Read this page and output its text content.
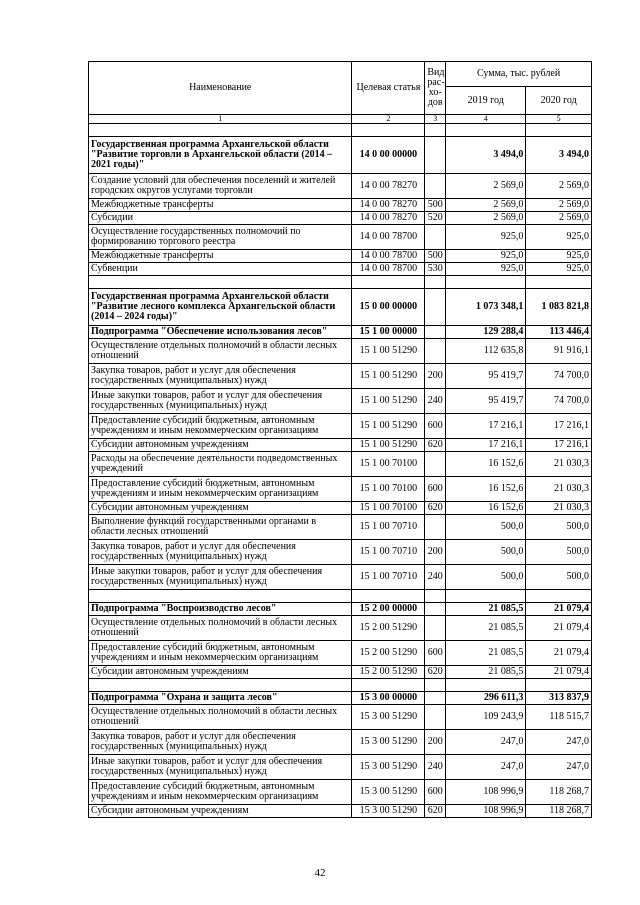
Наименование	Целевая статья	Вид
рас-
хо-
дов	Сумма, тыс. рублей	
			2019 год	2020 год
1	2	3	4	5

Государственная программа Архангельской области "Развитие торговли в Архангельской области (2014 – 2021 годы)"	14 0 00 00000		3 494,0	3 494,0
Создание условий для обеспечения поселений и жителей городских округов услугами торговли	14 0 00 78270		2 569,0	2 569,0
Межбюджетные трансферты	14 0 00 78270	500	2 569,0	2 569,0
Субсидии	14 0 00 78270	520	2 569,0	2 569,0
Осуществление государственных полномочий по формированию торгового реестра	14 0 00 78700		925,0	925,0
Межбюджетные трансферты	14 0 00 78700	500	925,0	925,0
Субвенции	14 0 00 78700	530	925,0	925,0

Государственная программа Архангельской области "Развитие лесного комплекса Архангельской области (2014 – 2024 годы)"	15 0 00 00000		1 073 348,1	1 083 821,8
Подпрограмма "Обеспечение использования лесов"	15 1 00 00000		129 288,4	113 446,4
Осуществление отдельных полномочий в области лесных отношений	15 1 00 51290		112 635,8	91 916,1
Закупка товаров, работ и услуг для обеспечения государственных (муниципальных) нужд	15 1 00 51290	200	95 419,7	74 700,0
Иные закупки товаров, работ и услуг для обеспечения государственных (муниципальных) нужд	15 1 00 51290	240	95 419,7	74 700,0
Предоставление субсидий бюджетным, автономным учреждениям и иным некоммерческим организациям	15 1 00 51290	600	17 216,1	17 216,1
Субсидии автономным учреждениям	15 1 00 51290	620	17 216,1	17 216,1
Расходы на обеспечение деятельности подведомственных учреждений	15 1 00 70100		16 152,6	21 030,3
Предоставление субсидий бюджетным, автономным учреждениям и иным некоммерческим организациям	15 1 00 70100	600	16 152,6	21 030,3
Субсидии автономным учреждениям	15 1 00 70100	620	16 152,6	21 030,3
Выполнение функций государственными органами в области лесных отношений	15 1 00 70710		500,0	500,0
Закупка товаров, работ и услуг для обеспечения государственных (муниципальных) нужд	15 1 00 70710	200	500,0	500,0
Иные закупки товаров, работ и услуг для обеспечения государственных (муниципальных) нужд	15 1 00 70710	240	500,0	500,0

Подпрограмма "Воспроизводство лесов"	15 2 00 00000		21 085,5	21 079,4
Осуществление отдельных полномочий в области лесных отношений	15 2 00 51290		21 085,5	21 079,4
Предоставление субсидий бюджетным, автономным учреждениям и иным некоммерческим организациям	15 2 00 51290	600	21 085,5	21 079,4
Субсидии автономным учреждениям	15 2 00 51290	620	21 085,5	21 079,4

Подпрограмма "Охрана и защита лесов"	15 3 00 00000		296 611,3	313 837,9
Осуществление отдельных полномочий в области лесных отношений	15 3 00 51290		109 243,9	118 515,7
Закупка товаров, работ и услуг для обеспечения государственных (муниципальных) нужд	15 3 00 51290	200	247,0	247,0
Иные закупки товаров, работ и услуг для обеспечения государственных (муниципальных) нужд	15 3 00 51290	240	247,0	247,0
Предоставление субсидий бюджетным, автономным учреждениям и иным некоммерческим организациям	15 3 00 51290	600	108 996,9	118 268,7
Субсидии автономным учреждениям	15 3 00 51290	620	108 996,9	118 268,7
42
